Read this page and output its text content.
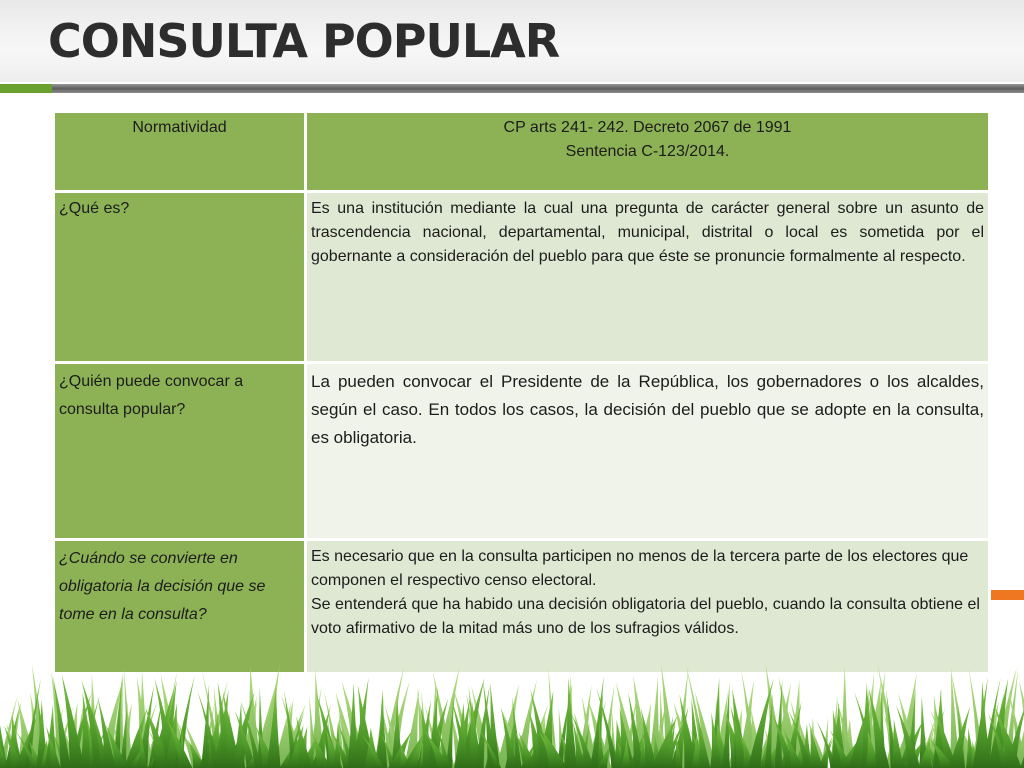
CONSULTA POPULAR
Normatividad	CP arts 241- 242. Decreto 2067 de 1991
Sentencia C-123/2014.

¿Qué es?	Es una institución mediante la cual una pregunta de carácter general sobre un asunto de trascendencia nacional, departamental, municipal, distrital o local es sometida por el gobernante a consideración del pueblo para que éste se pronuncie formalmente al respecto.
¿Quién puede convocar a consulta popular?	La pueden convocar el Presidente de la República, los gobernadores o los alcaldes, según el caso. En todos los casos, la decisión del pueblo que se adopte en la consulta, es obligatoria.
¿Cuándo se convierte en obligatoria la decisión que se tome en la consulta?	Es necesario que en la consulta participen no menos de la tercera parte de los electores que componen el respectivo censo electoral.
Se entenderá que ha habido una decisión obligatoria del pueblo, cuando la consulta obtiene el voto afirmativo de la mitad más uno de los sufragios válidos.
